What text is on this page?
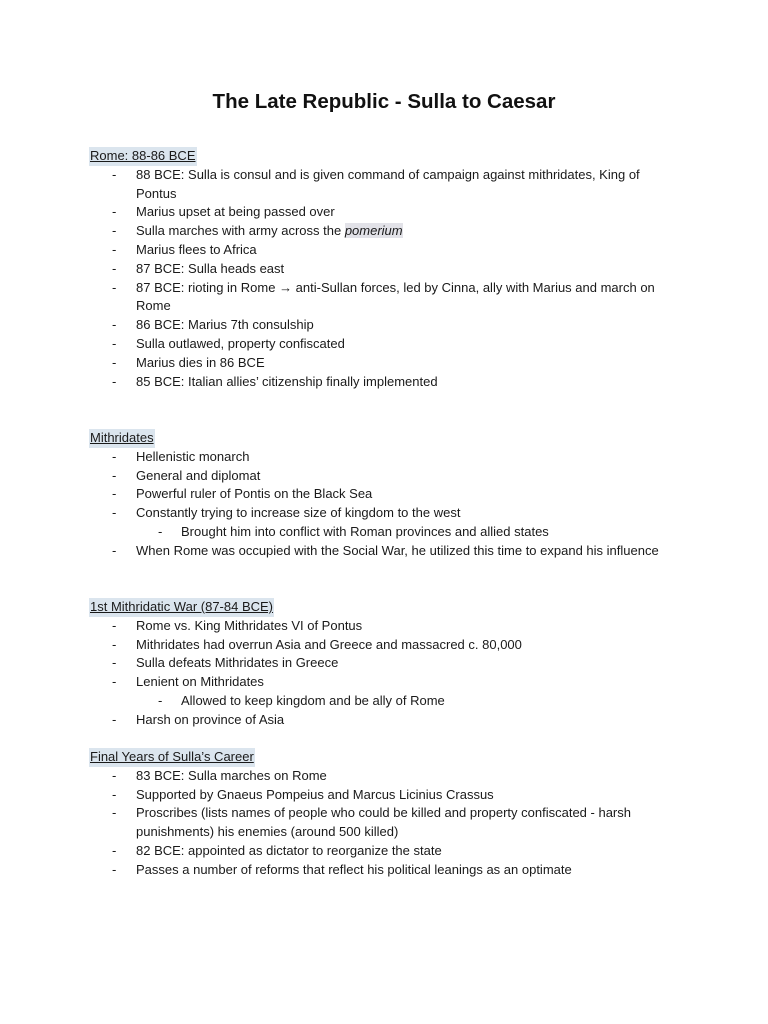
The Late Republic - Sulla to Caesar
Rome: 88-86 BCE
- 88 BCE: Sulla is consul and is given command of campaign against mithridates, King of Pontus
- Marius upset at being passed over
- Sulla marches with army across the pomerium
- Marius flees to Africa
- 87 BCE: Sulla heads east
- 87 BCE: rioting in Rome → anti-Sullan forces, led by Cinna, ally with Marius and march on Rome
- 86 BCE: Marius 7th consulship
- Sulla outlawed, property confiscated
- Marius dies in 86 BCE
- 85 BCE: Italian allies’ citizenship finally implemented
Mithridates
- Hellenistic monarch
- General and diplomat
- Powerful ruler of Pontis on the Black Sea
- Constantly trying to increase size of kingdom to the west
- Brought him into conflict with Roman provinces and allied states
- When Rome was occupied with the Social War, he utilized this time to expand his influence
1st Mithridatic War (87-84 BCE)
- Rome vs. King Mithridates VI of Pontus
- Mithridates had overrun Asia and Greece and massacred c. 80,000
- Sulla defeats Mithridates in Greece
- Lenient on Mithridates
- Allowed to keep kingdom and be ally of Rome
- Harsh on province of Asia
Final Years of Sulla’s Career
- 83 BCE: Sulla marches on Rome
- Supported by Gnaeus Pompeius and Marcus Licinius Crassus
- Proscribes (lists names of people who could be killed and property confiscated - harsh punishments) his enemies (around 500 killed)
- 82 BCE: appointed as dictator to reorganize the state
- Passes a number of reforms that reflect his political leanings as an optimate
